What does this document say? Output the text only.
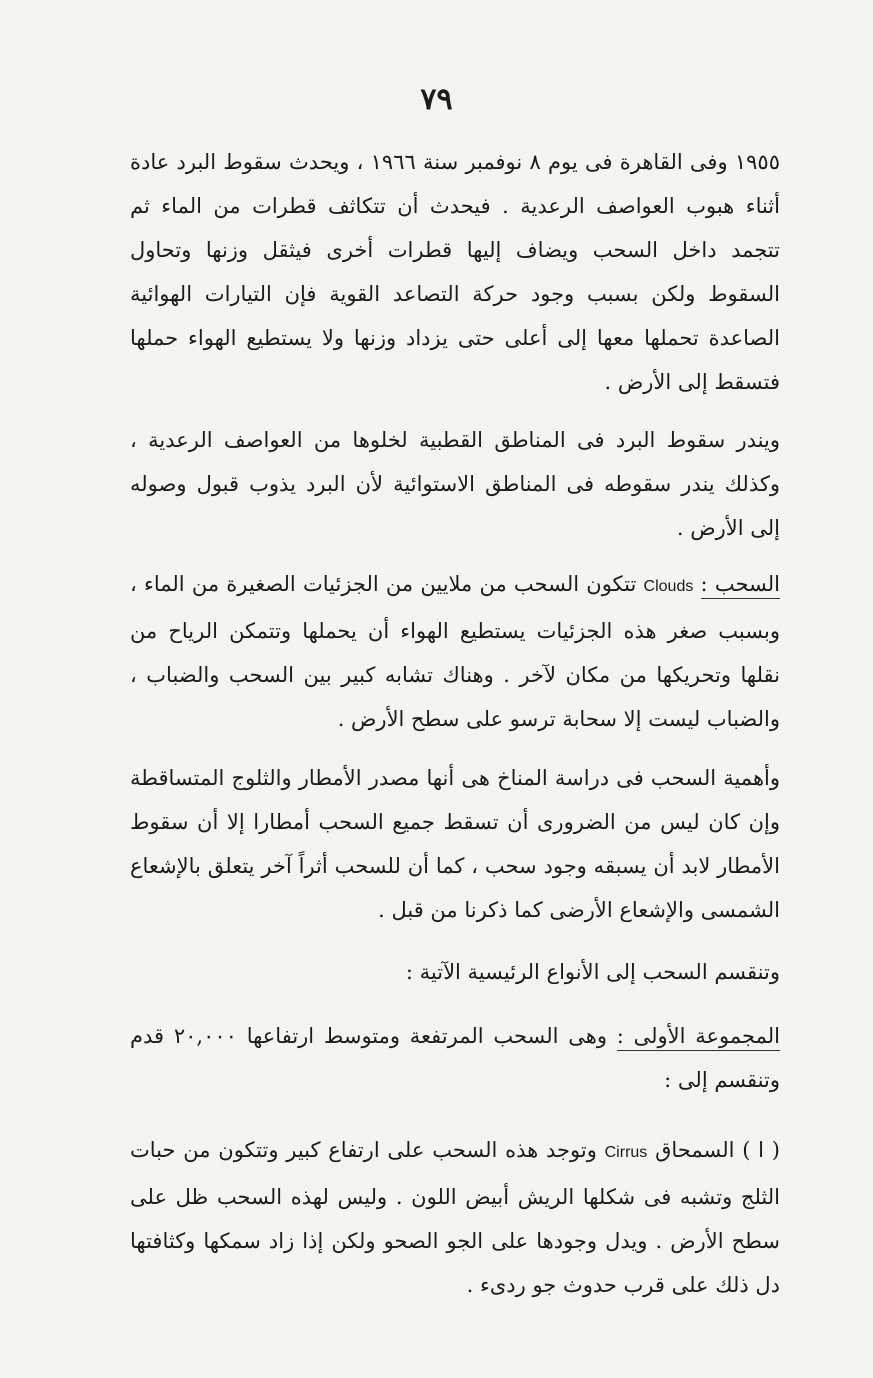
٧٩

١٩٥٥ وفى القاهرة فى يوم ٨ نوفمبر سنة ١٩٦٦ ، ويحدث سقوط البرد عادة أثناء هبوب العواصف الرعدية . فيحدث أن تتكاثف قطرات من الماء ثم تتجمد داخل السحب ويضاف إليها قطرات أخرى فيثقل وزنها وتحاول السقوط ولكن بسبب وجود حركة التصاعد القوية فإن التيارات الهوائية الصاعدة تحملها معها إلى أعلى حتى يزداد وزنها ولا يستطيع الهواء حملها فتسقط إلى الأرض .

ويندر سقوط البرد فى المناطق القطبية لخلوها من العواصف الرعدية ، وكذلك يندر سقوطه فى المناطق الاستوائية لأن البرد يذوب قبول وصوله إلى الأرض .

السحب : Clouds تتكون السحب من ملايين من الجزئيات الصغيرة من الماء ، وبسبب صغر هذه الجزئيات يستطيع الهواء أن يحملها وتتمكن الرياح من نقلها وتحريكها من مكان لآخر . وهناك تشابه كبير بين السحب والضباب ، والضباب ليست إلا سحابة ترسو على سطح الأرض .

وأهمية السحب فى دراسة المناخ هى أنها مصدر الأمطار والثلوج المتساقطة وإن كان ليس من الضرورى أن تسقط جميع السحب أمطارا إلا أن سقوط الأمطار لابد أن يسبقه وجود سحب ، كما أن للسحب أثراً آخر يتعلق بالإشعاع الشمسى والإشعاع الأرضى كما ذكرنا من قبل .

وتنقسم السحب إلى الأنواع الرئيسية الآتية :

المجموعة الأولى : وهى السحب المرتفعة ومتوسط ارتفاعها ٢٠,٠٠٠ قدم وتنقسم إلى :

( ا ) السمحاق Cirrus وتوجد هذه السحب على ارتفاع كبير وتتكون من حبات الثلج وتشبه فى شكلها الريش أبيض اللون . وليس لهذه السحب ظل على سطح الأرض . ويدل وجودها على الجو الصحو ولكن إذا زاد سمكها وكثافتها دل ذلك على قرب حدوث جو ردىء .
